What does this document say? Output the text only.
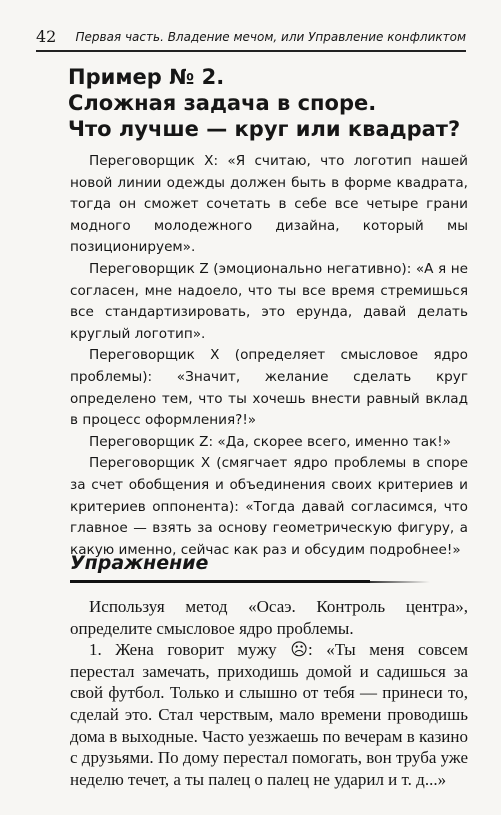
42 Первая часть. Владение мечом, или Управление конфликтом
Пример № 2.
Сложная задача в споре.
Что лучше — круг или квадрат?

Переговорщик X: «Я считаю, что логотип нашей новой линии одежды должен быть в форме квадрата, тогда он сможет сочетать в себе все четыре грани модного молодежного дизайна, который мы позиционируем».

Переговорщик Z (эмоционально негативно): «А я не согласен, мне надоело, что ты все время стремишься все стандартизировать, это ерунда, давай делать круглый логотип».

Переговорщик X (определяет смысловое ядро проблемы): «Значит, желание сделать круг определено тем, что ты хочешь внести равный вклад в процесс оформления?!»

Переговорщик Z: «Да, скорее всего, именно так!»

Переговорщик X (смягчает ядро проблемы в споре за счет обобщения и объединения своих критериев и критериев оппонента): «Тогда давай согласимся, что главное — взять за основу геометрическую фигуру, а какую именно, сейчас как раз и обсудим подробнее!»

Упражнение

Используя метод «Осаэ. Контроль центра», определите смысловое ядро проблемы.

1. Жена говорит мужу ☹: «Ты меня совсем перестал замечать, приходишь домой и садишься за свой футбол. Только и слышно от тебя — принеси то, сделай это. Стал черствым, мало времени проводишь дома в выходные. Часто уезжаешь по вечерам в казино с друзьями. По дому перестал помогать, вон труба уже неделю течет, а ты палец о палец не ударил и т. д...»
